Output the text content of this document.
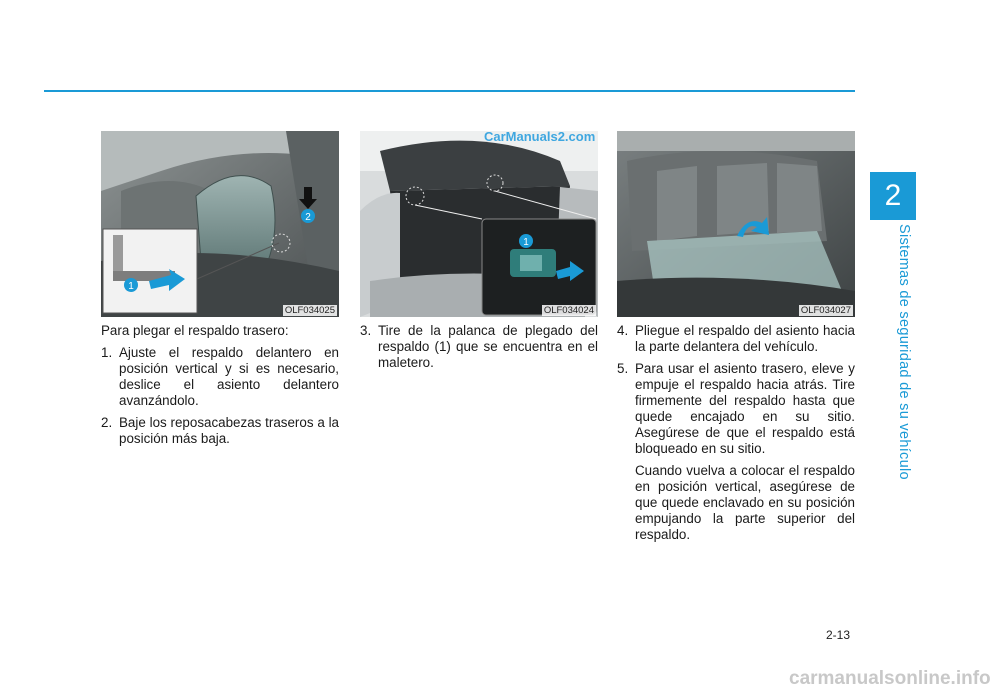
2
Sistemas de seguridad de su vehículo
1
2
OLF034025

Para plegar el respaldo trasero:

1. Ajuste el respaldo delantero en posición vertical y si es necesario, deslice el asiento delantero avanzándolo.
2. Baje los reposacabezas traseros a la posición más baja.
1
OLF034024
3. Tire de la palanca de plegado del respaldo (1) que se encuentra en el maletero.
OLF034027
4. Pliegue el respaldo del asiento hacia la parte delantera del vehículo.
5. Para usar el asiento trasero, eleve y empuje el respaldo hacia atrás. Tire firmemente del respaldo hasta que quede encajado en su sitio. Asegúrese de que el respaldo está bloqueado en su sitio.

Cuando vuelva a colocar el respaldo en posición vertical, asegúrese de que quede enclavado en su posición empujando la parte superior del respaldo.

CarManuals2.com
2-13
carmanualsonline.info
